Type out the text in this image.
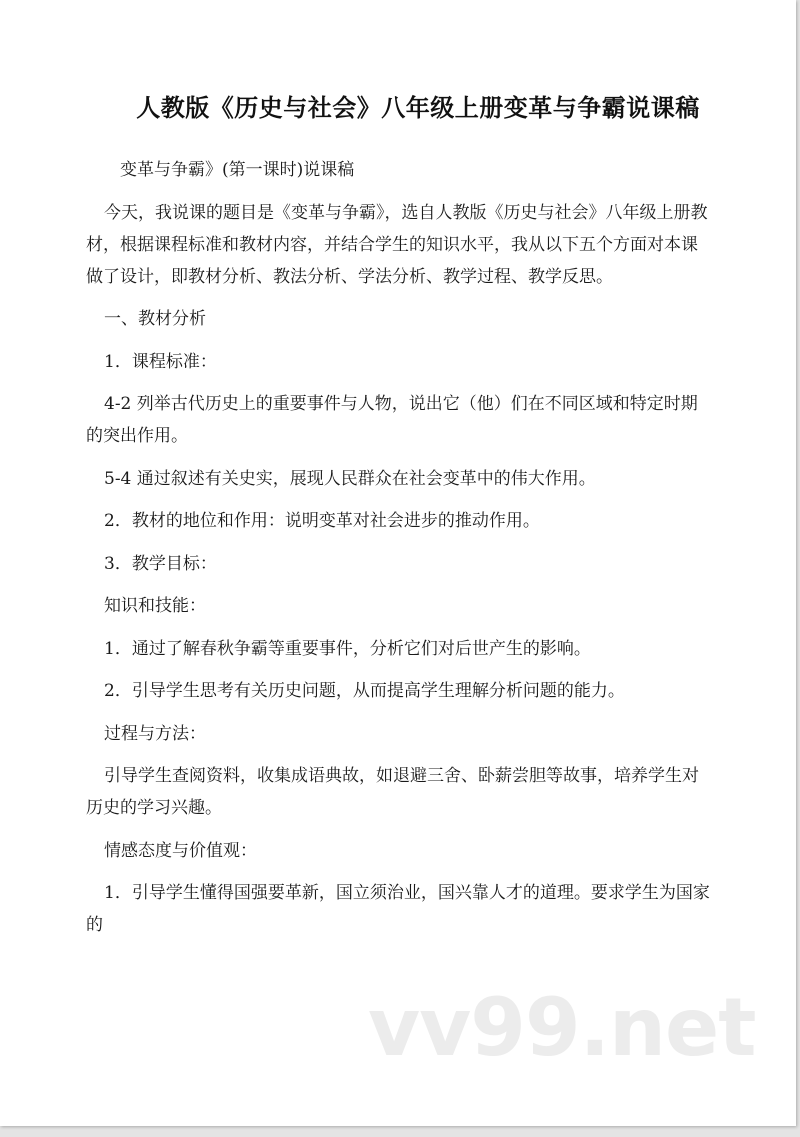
人教版《历史与社会》八年级上册变革与争霸说课稿

变革与争霸》(第一课时)说课稿

今天，我说课的题目是《变革与争霸》，选自人教版《历史与社会》八年级上册教材，根据课程标准和教材内容，并结合学生的知识水平，我从以下五个方面对本课做了设计，即教材分析、教法分析、学法分析、教学过程、教学反思。

一、教材分析

1．课程标准：

4-2 列举古代历史上的重要事件与人物，说出它（他）们在不同区域和特定时期的突出作用。

5-4 通过叙述有关史实，展现人民群众在社会变革中的伟大作用。

2．教材的地位和作用：说明变革对社会进步的推动作用。

3．教学目标：

知识和技能：

1．通过了解春秋争霸等重要事件，分析它们对后世产生的影响。

2．引导学生思考有关历史问题，从而提高学生理解分析问题的能力。

过程与方法：

引导学生查阅资料，收集成语典故，如退避三舍、卧薪尝胆等故事，培养学生对历史的学习兴趣。

情感态度与价值观：

1．引导学生懂得国强要革新，国立须治业，国兴靠人才的道理。要求学生为国家的

vv99.net
